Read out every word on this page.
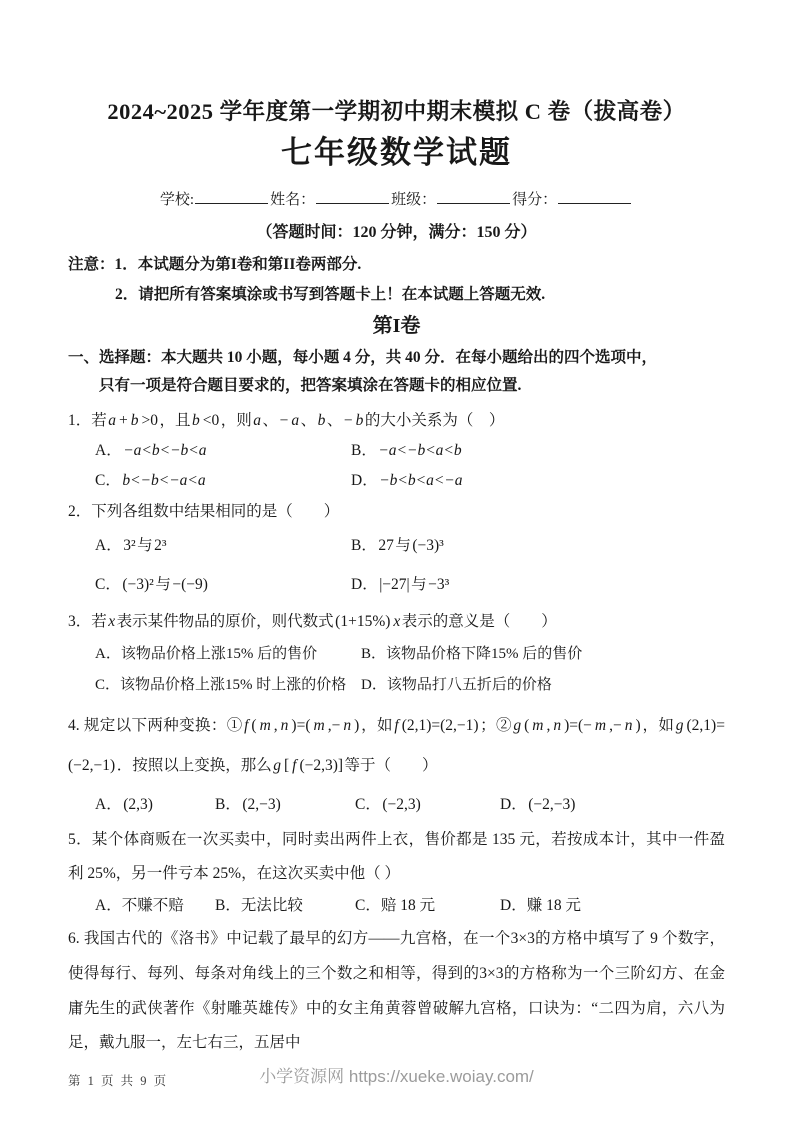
2024~2025 学年度第一学期初中期末模拟 C 卷（拔高卷）
七年级数学试题
学校:	姓名：	班级：	得分：
（答题时间：120 分钟，满分：150 分）
注意：1．本试题分为第I卷和第II卷两部分.
2．请把所有答案填涂或书写到答题卡上！在本试题上答题无效.
第I卷
一、选择题：本大题共 10 小题，每小题 4 分，共 40 分．在每小题给出的四个选项中，
只有一项是符合题目要求的，把答案填涂在答题卡的相应位置.
1．若a + b >0，且b <0，则a、− a、b、− b的大小关系为（　）
A．−a<b<−b<a	B．−a<−b<a<b
C．b<−b<−a<a	D．−b<b<a<−a
2．下列各组数中结果相同的是（　　）
A．3²与2³	B．27与(−3)³
C．(−3)²与−(−9)	D．|−27|与−3³
3．若x表示某件物品的原价，则代数式(1+15%) x表示的意义是（　　）
A．该物品价格上涨15% 后的售价	B．该物品价格下降15% 后的售价
C．该物品价格上涨15% 时上涨的价格 D．该物品打八五折后的价格
4. 规定以下两种变换：①f ( m , n )=( m ,− n )，如f (2,1)=(2,−1)；②g ( m , n )=(− m ,− n )，如g (2,1)=(−2,−1)．按照以上变换，那么g [ f (−2,3)]等于（　　）
A．(2,3)	B．(2,−3)	C．(−2,3)	D．(−2,−3)
5．某个体商贩在一次买卖中，同时卖出两件上衣，售价都是 135 元，若按成本计，其中一件盈利 25%，另一件亏本 25%，在这次买卖中他（ ）
A．不赚不赔	B．无法比较	C．赔 18 元	D．赚 18 元
6. 我国古代的《洛书》中记载了最早的幻方——九宫格，在一个3×3的方格中填写了 9 个数字，使得每行、每列、每条对角线上的三个数之和相等，得到的3×3的方格称为一个三阶幻方、在金庸先生的武侠著作《射雕英雄传》中的女主角黄蓉曾破解九宫格，口诀为：“二四为肩，六八为足，戴九服一，左七右三，五居中
第 1 页 共 9 页	小学资源网 https://xueke.woiay.com/
